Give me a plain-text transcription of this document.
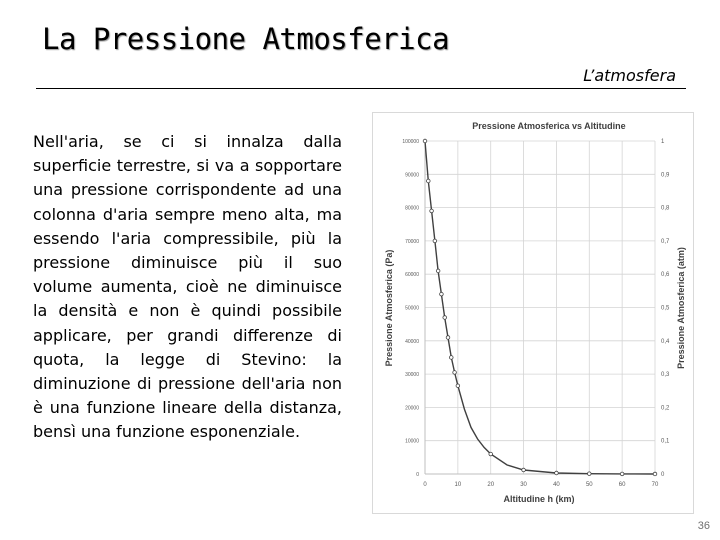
La Pressione Atmosferica
L’atmosfera
Nell'aria, se ci si innalza dalla superficie terrestre, si va a sopportare una pressione corrispondente ad una colonna d'aria sempre meno alta, ma essendo l'aria compressibile, più la pressione diminuisce più il suo volume aumenta, cioè ne diminuisce la densità e non è quindi possibile applicare, per grandi differenze di quota, la legge di Stevino: la diminuzione di pressione dell'aria non è una funzione lineare della distanza, bensì una funzione esponenziale.
Pressione Atmosferica vs Altitudine
Altitudine h (km)
Pressione Atmosferica (Pa)	Pressione Atmosferica (atm)
0	10	20	30	40	50	60	70
0
10000
20000
30000
40000
50000
60000
70000
80000
90000
100000
0
0,1
0,2
0,3
0,4
0,5
0,6
0,7
0,8
0,9
1
36
